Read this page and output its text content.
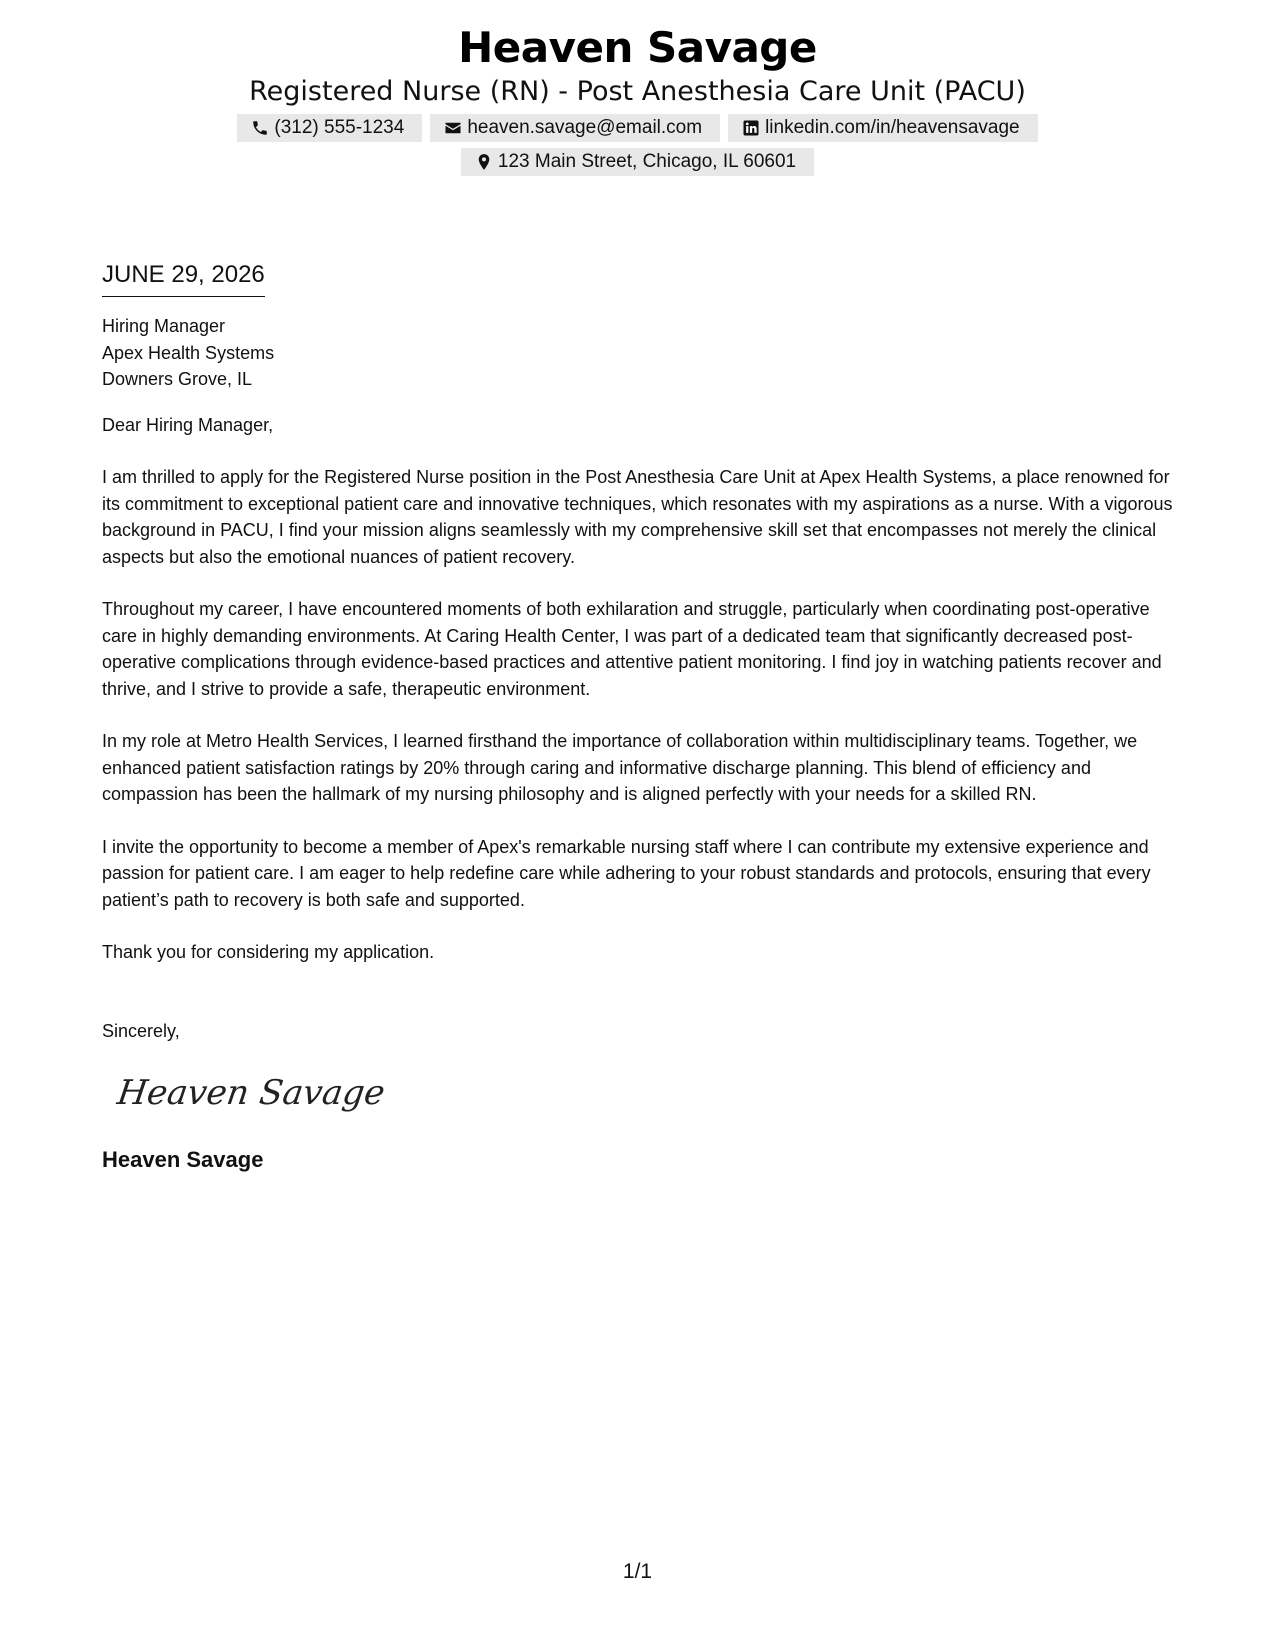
Heaven Savage
Registered Nurse (RN) - Post Anesthesia Care Unit (PACU)
(312) 555-1234	heaven.savage@email.com	linkedin.com/in/heavensavage
123 Main Street, Chicago, IL 60601
JUNE 29, 2026
Hiring Manager
Apex Health Systems
Downers Grove, IL
Dear Hiring Manager,
I am thrilled to apply for the Registered Nurse position in the Post Anesthesia Care Unit at Apex Health Systems, a place renowned for its commitment to exceptional patient care and innovative techniques, which resonates with my aspirations as a nurse. With a vigorous background in PACU, I find your mission aligns seamlessly with my comprehensive skill set that encompasses not merely the clinical aspects but also the emotional nuances of patient recovery.
Throughout my career, I have encountered moments of both exhilaration and struggle, particularly when coordinating post-operative care in highly demanding environments. At Caring Health Center, I was part of a dedicated team that significantly decreased post-operative complications through evidence-based practices and attentive patient monitoring. I find joy in watching patients recover and thrive, and I strive to provide a safe, therapeutic environment.
In my role at Metro Health Services, I learned firsthand the importance of collaboration within multidisciplinary teams. Together, we enhanced patient satisfaction ratings by 20% through caring and informative discharge planning. This blend of efficiency and compassion has been the hallmark of my nursing philosophy and is aligned perfectly with your needs for a skilled RN.
I invite the opportunity to become a member of Apex's remarkable nursing staff where I can contribute my extensive experience and passion for patient care. I am eager to help redefine care while adhering to your robust standards and protocols, ensuring that every patient’s path to recovery is both safe and supported.
Thank you for considering my application.
Sincerely,
Heaven Savage
Heaven Savage
1/1
